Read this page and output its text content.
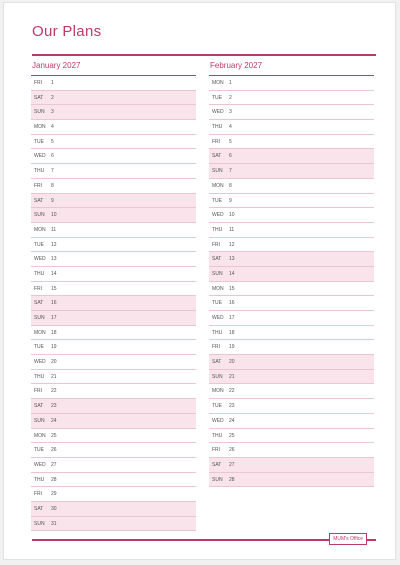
Our Plans
January 2027
FRI	1
SAT	2
SUN	3
MON	4
TUE	5
WED	6
THU	7
FRI	8
SAT	9
SUN	10
MON	11
TUE	12
WED	13
THU	14
FRI	15
SAT	16
SUN	17
MON	18
TUE	19
WED	20
THU	21
FRI	22
SAT	23
SUN	24
MON	25
TUE	26
WED	27
THU	28
FRI	29
SAT	30
SUN	31
February 2027
MON	1
TUE	2
WED	3
THU	4
FRI	5
SAT	6
SUN	7
MON	8
TUE	9
WED	10
THU	11
FRI	12
SAT	13
SUN	14
MON	15
TUE	16
WED	17
THU	18
FRI	19
SAT	20
SUN	21
MON	22
TUE	23
WED	24
THU	25
FRI	26
SAT	27
SUN	28
MUM's Office
